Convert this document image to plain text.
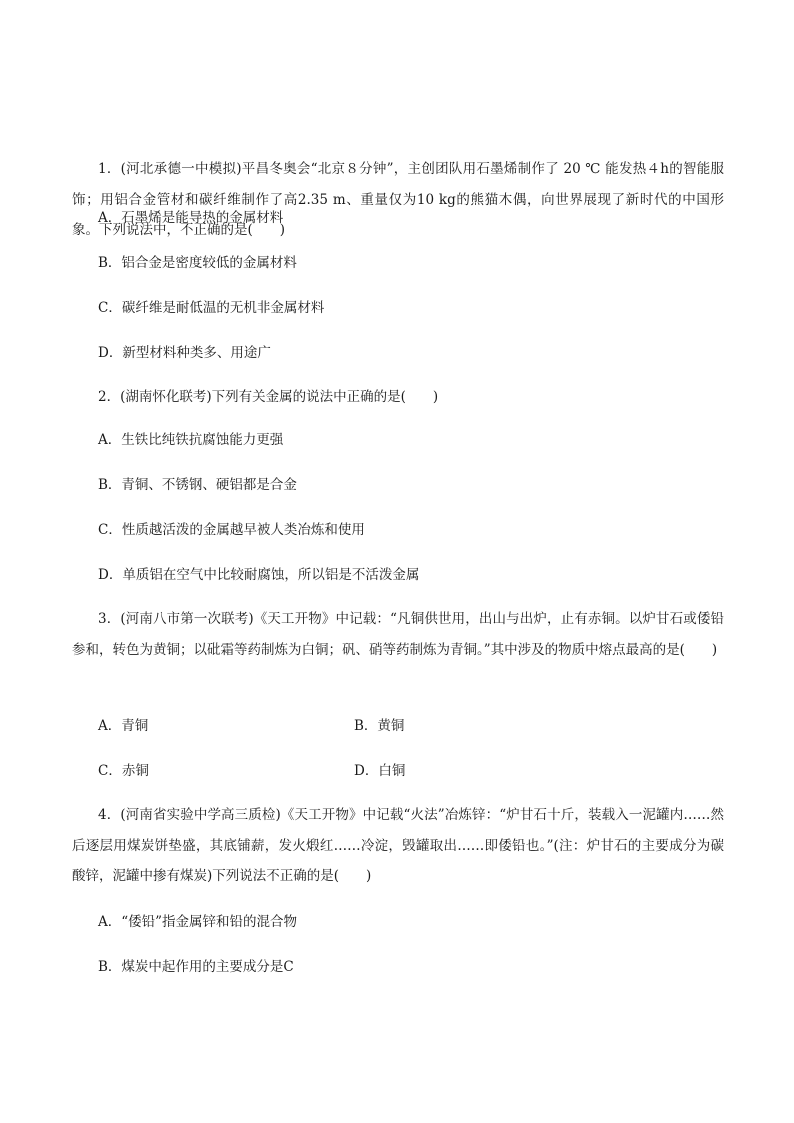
1．(河北承德一中模拟)平昌冬奥会“北京８分钟”，主创团队用石墨烯制作了 20 ℃ 能发热４h的智能服饰；用铝合金管材和碳纤维制作了高2.35 m、重量仅为10 kg的熊猫木偶，向世界展现了新时代的中国形象。下列说法中，不正确的是(　　)
A．石墨烯是能导热的金属材料
B．铝合金是密度较低的金属材料
C．碳纤维是耐低温的无机非金属材料
D．新型材料种类多、用途广
2．(湖南怀化联考)下列有关金属的说法中正确的是(　　)
A．生铁比纯铁抗腐蚀能力更强
B．青铜、不锈钢、硬铝都是合金
C．性质越活泼的金属越早被人类冶炼和使用
D．单质铝在空气中比较耐腐蚀，所以铝是不活泼金属
3．(河南八市第一次联考)《天工开物》中记载：“凡铜供世用，出山与出炉，止有赤铜。以炉甘石或倭铅参和，转色为黄铜；以砒霜等药制炼为白铜；矾、硝等药制炼为青铜。”其中涉及的物质中熔点最高的是(　　)
A．青铜	B．黄铜
C．赤铜	D．白铜
4．(河南省实验中学高三质检)《天工开物》中记载“火法”冶炼锌：“炉甘石十斤，装载入一泥罐内……然后逐层用煤炭饼垫盛，其底铺薪，发火煅红……冷淀，毁罐取出……即倭铅也。”(注：炉甘石的主要成分为碳酸锌，泥罐中掺有煤炭)下列说法不正确的是(　　)
A．“倭铅”指金属锌和铅的混合物
B．煤炭中起作用的主要成分是C
